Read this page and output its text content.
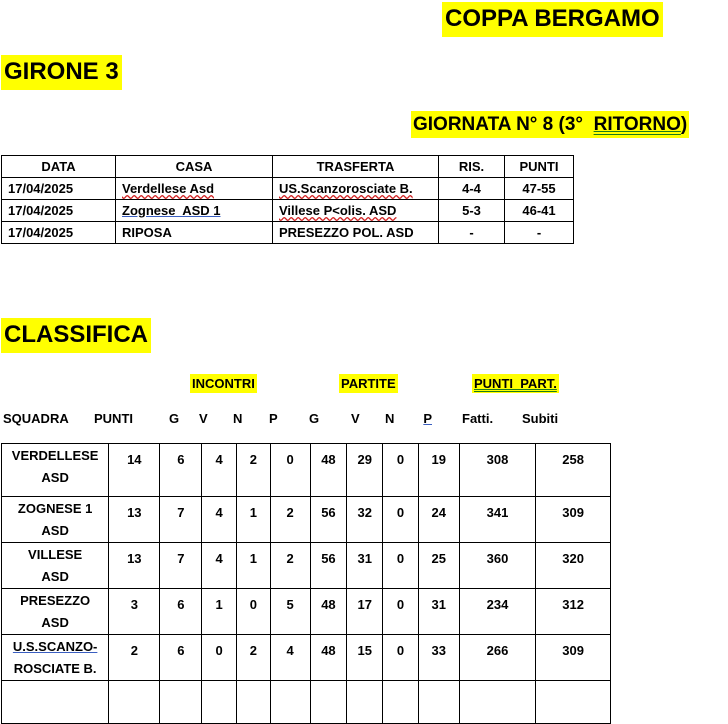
COPPA BERGAMO
GIRONE 3
GIORNATA N° 8 (3° RITORNO)
DATA	CASA	TRASFERTA	RIS.	PUNTI
17/04/2025	Verdellese Asd	US.Scanzorosciate B.	4-4	47-55
17/04/2025	Zognese  ASD 1	Villese P<olis. ASD	5-3	46-41
17/04/2025	RIPOSA	PRESEZZO POL. ASD	-	-
CLASSIFICA
INCONTRI	PARTITE	PUNTI  PART.
SQUADRA PUNTI	G V N P G V N	P Fatti. Subiti
VERDELLESE
ASD	14	6	4	2	0	48	29	0	19	308	258

ZOGNESE 1
ASD	13	7	4	1	2	56	32	0	24	341	309

VILLESE
ASD	13	7	4	1	2	56	31	0	25	360	320

PRESEZZO
ASD	3	6	1	0	5	48	17	0	31	234	312

U.S.SCANZO-
ROSCIATE B.	2	6	0	2	4	48	15	0	33	266	309
